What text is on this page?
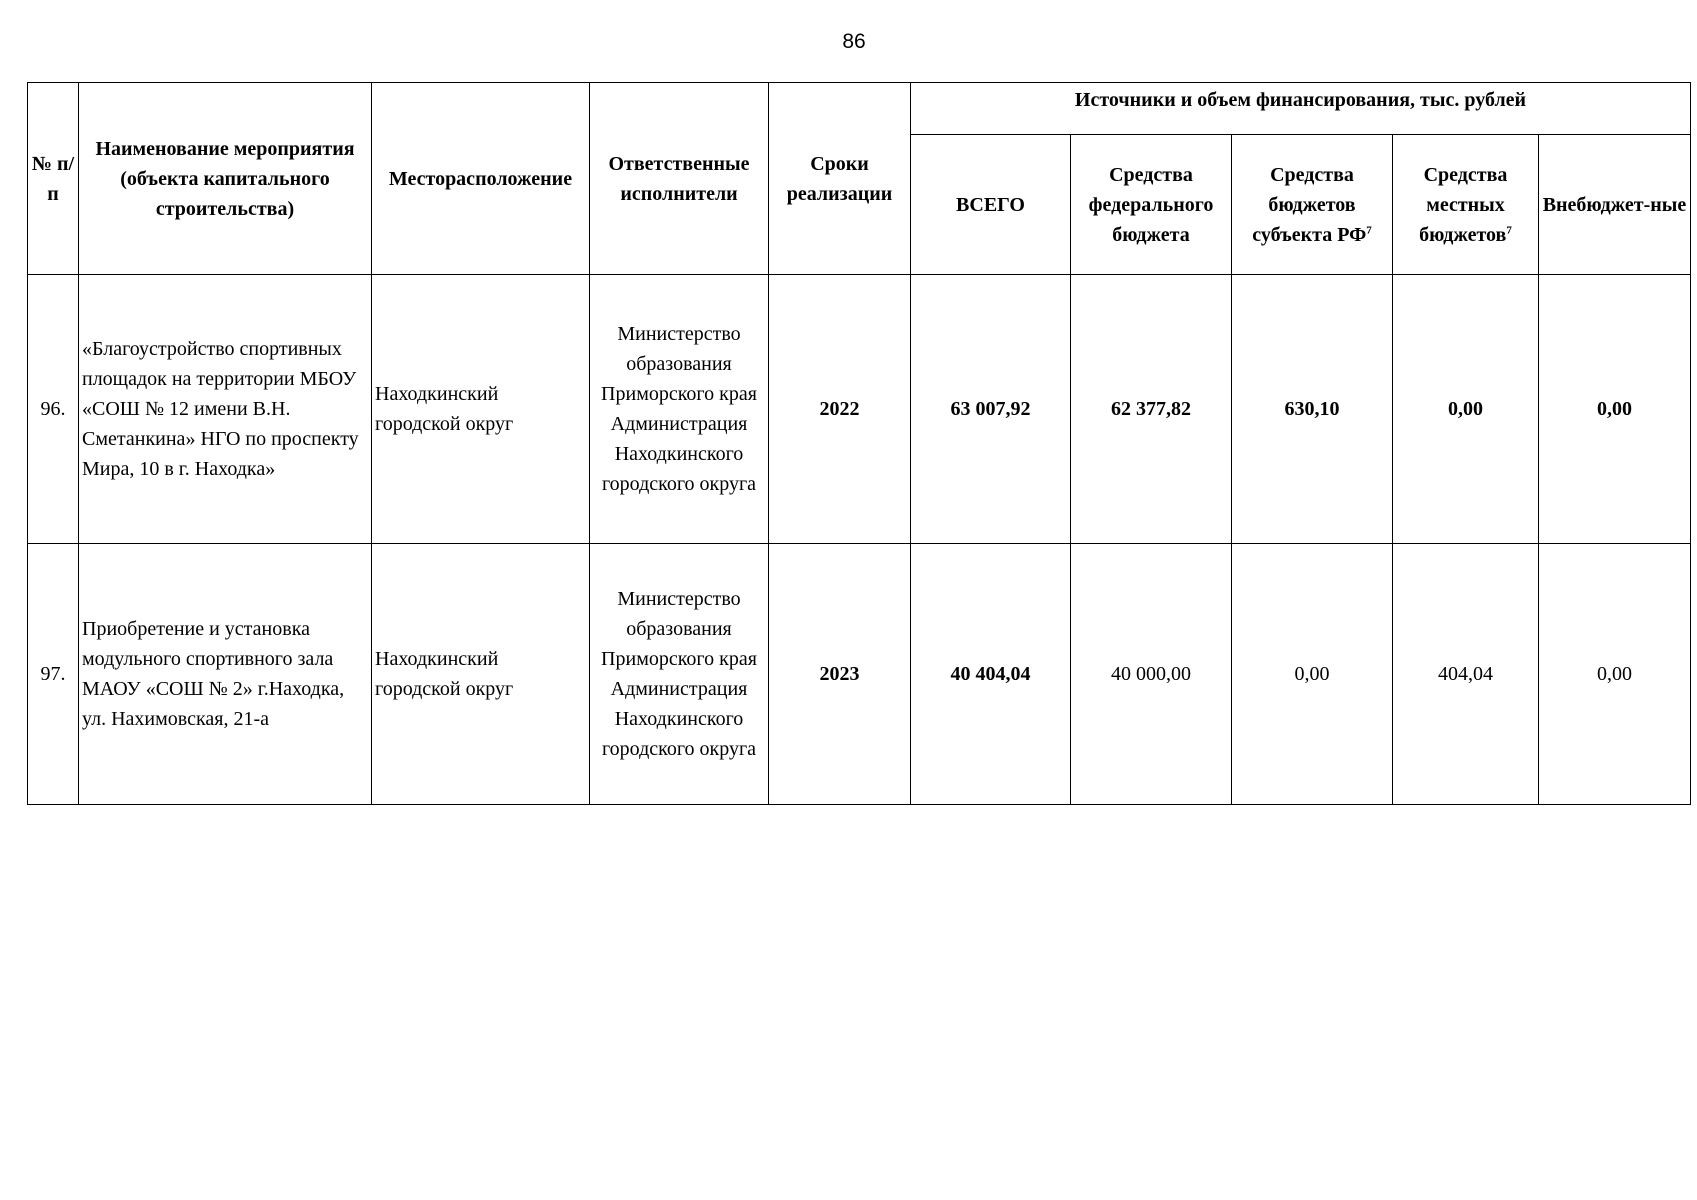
86
№ п/п	Наименование мероприятия (объекта капитального строительства)	Месторасположение	Ответственные исполнители	Сроки реализации	Источники и объем финансирования, тыс. рублей				
					ВСЕГО	Средства федерального бюджета	Средства бюджетов субъекта $РФ^7$	Средства местных бюджетов$^7$	Внебюджет-ные
96.	«Благоустройство спортивных площадок на территории МБОУ «СОШ № 12 имени В.Н. Сметанкина» НГО по проспекту Мира, 10 в г. Находка»	Находкинский городской округ	Министерство образования Приморского края Администрация Находкинского городского округа	2022	63 007,92	62 377,82	630,10	0,00	0,00
97.	Приобретение и установка модульного спортивного зала МАОУ «СОШ № 2» г.Находка, ул. Нахимовская, 21-а	Находкинский городской округ	Министерство образования Приморского края Администрация Находкинского городского округа	2023	40 404,04	40 000,00	0,00	404,04	0,00
